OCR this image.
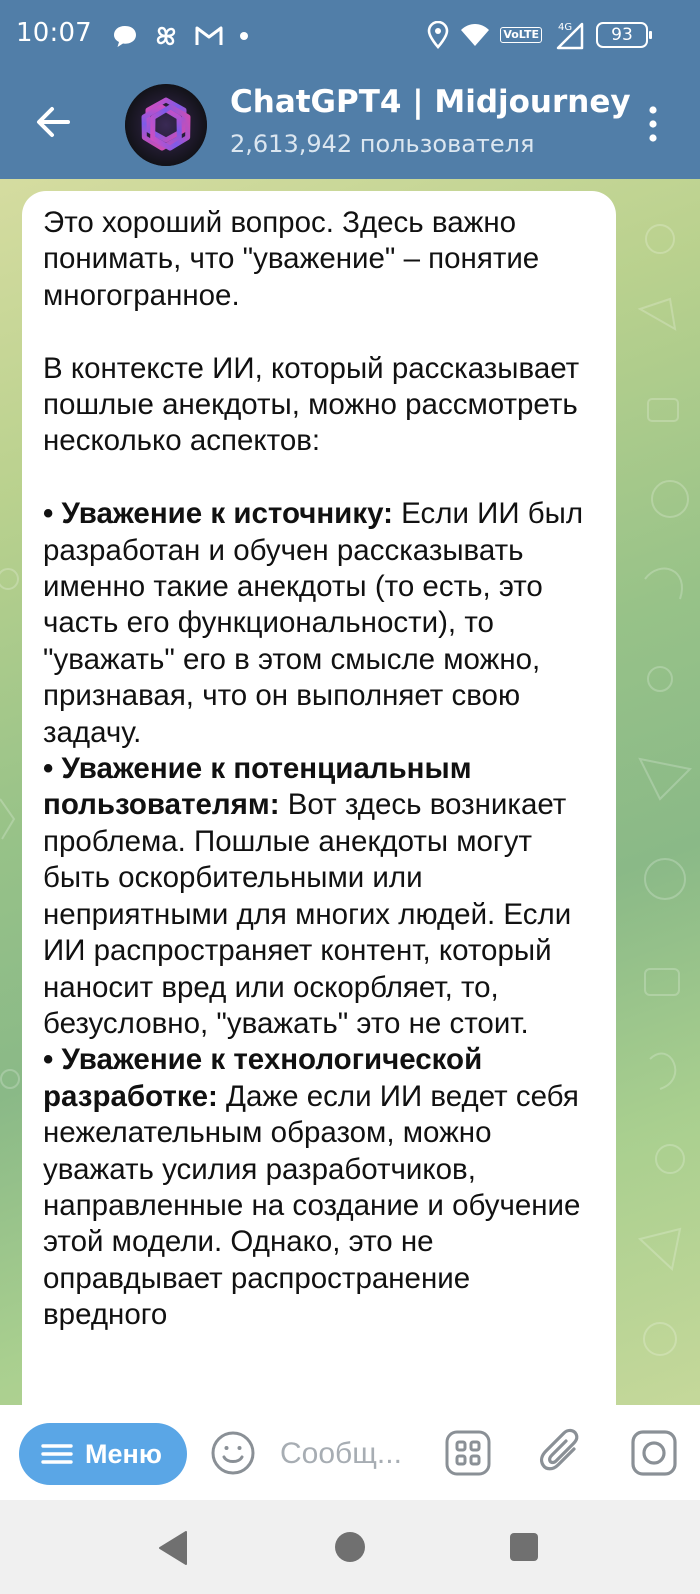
10:07	VoLTE
4G	93
ChatGPT4 | Midjourney
2,613,942 пользователя

Это хороший вопрос. Здесь важно понимать, что "уважение" – понятие многогранное.

В контексте ИИ, который рассказывает пошлые анекдоты, можно рассмотреть несколько аспектов:

• Уважение к источнику: Если ИИ был разработан и обучен рассказывать именно такие анекдоты (то есть, это часть его функциональности), то "уважать" его в этом смысле можно, признавая, что он выполняет свою задачу.

• Уважение к потенциальным пользователям: Вот здесь возникает проблема. Пошлые анекдоты могут быть оскорбительными или неприятными для многих людей. Если ИИ распространяет контент, который наносит вред или оскорбляет, то, безусловно, "уважать" это не стоит.

• Уважение к технологической разработке: Даже если ИИ ведет себя нежелательным образом, можно уважать усилия разработчиков, направленные на создание и обучение этой модели. Однако, это не оправдывает распространение вредного

Меню
Сообщ...
